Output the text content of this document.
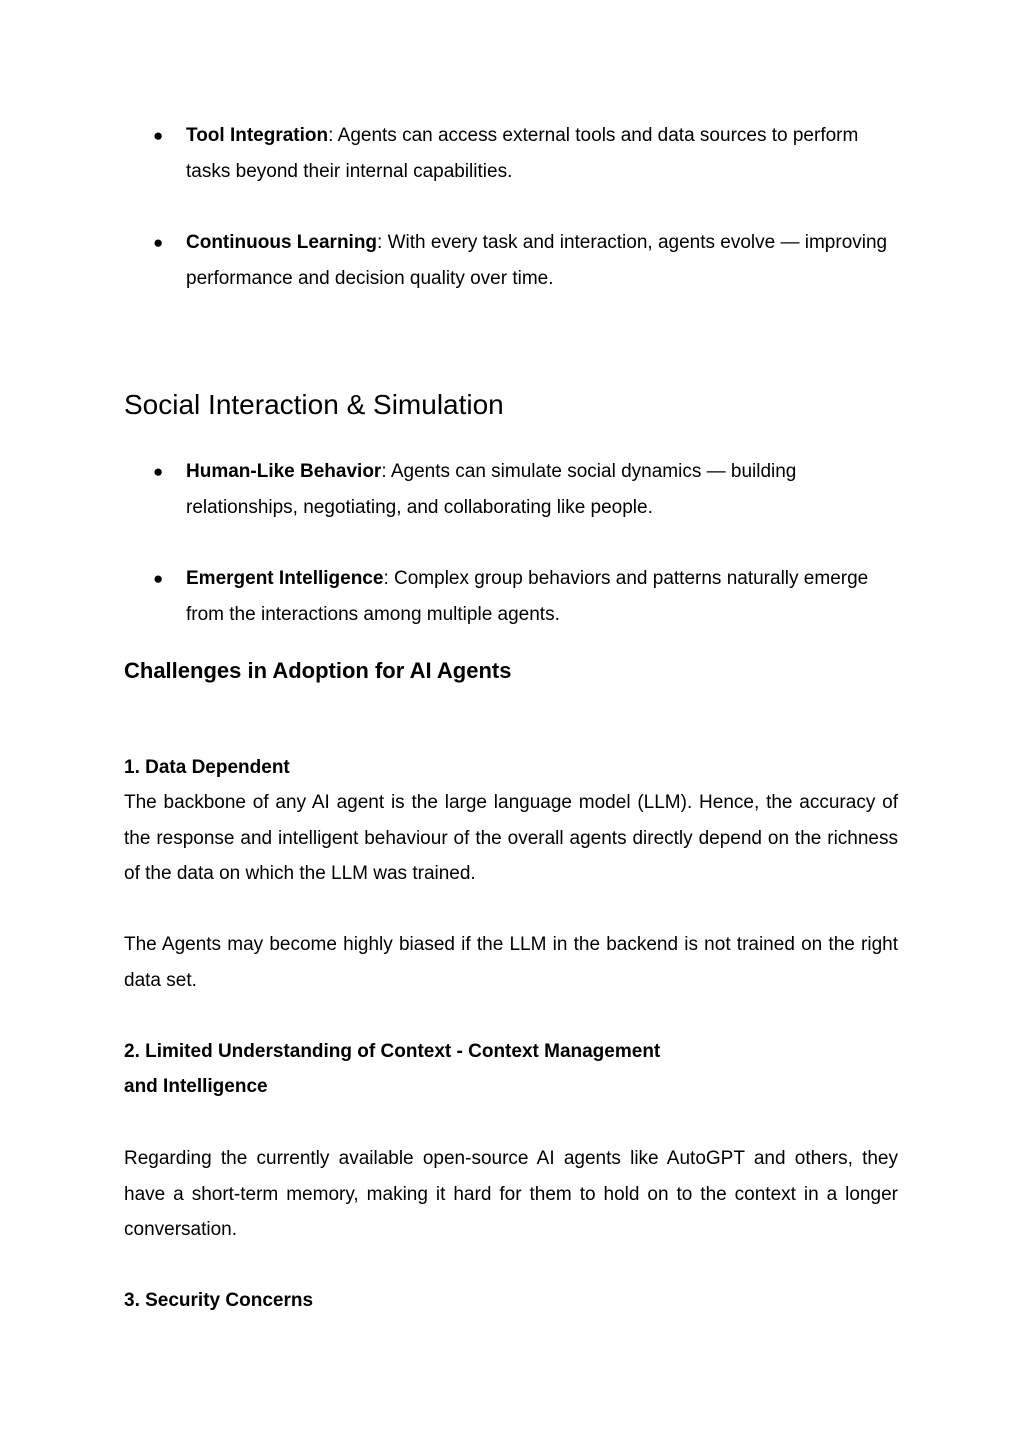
● Tool Integration: Agents can access external tools and data sources to perform tasks beyond their internal capabilities.
● Continuous Learning: With every task and interaction, agents evolve — improving performance and decision quality over time.
Social Interaction & Simulation
● Human-Like Behavior: Agents can simulate social dynamics — building relationships, negotiating, and collaborating like people.
● Emergent Intelligence: Complex group behaviors and patterns naturally emerge from the interactions among multiple agents.
Challenges in Adoption for AI Agents
1. Data Dependent

The backbone of any AI agent is the large language model (LLM). Hence, the accuracy of the response and intelligent behaviour of the overall agents directly depend on the richness of the data on which the LLM was trained.

The Agents may become highly biased if the LLM in the backend is not trained on the right data set.

2. Limited Understanding of Context - Context Management
and Intelligence

Regarding the currently available open-source AI agents like AutoGPT and others, they have a short-term memory, making it hard for them to hold on to the context in a longer conversation.

3. Security Concerns
